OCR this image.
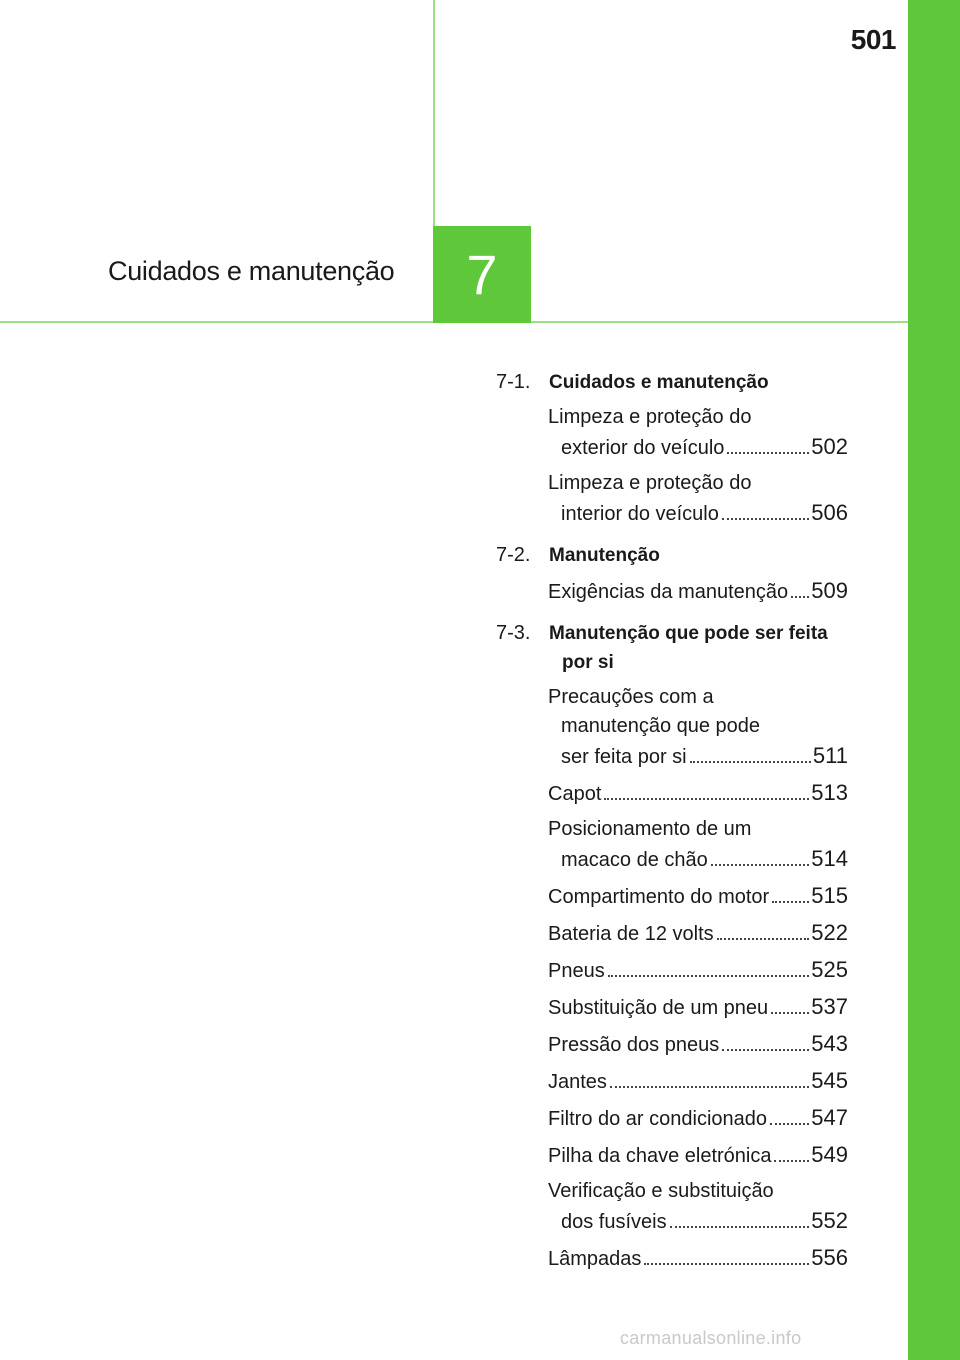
501
Cuidados e manutenção	7
7-1. Cuidados e manutenção
Limpeza e proteção do
exterior do veículo	502
Limpeza e proteção do
interior do veículo	506
7-2. Manutenção
Exigências da manutenção 509
7-3. Manutenção que pode ser feita
por si
Precauções com a
manutenção que pode
ser feita por si	511
Capot	513
Posicionamento de um
macaco de chão	514
Compartimento do motor 515
Bateria de 12 volts	522
Pneus	525
Substituição de um pneu 537
Pressão dos pneus	543
Jantes	545
Filtro do ar condicionado 547
Pilha da chave eletrónica 549
Verificação e substituição
dos fusíveis	552
Lâmpadas	556
carmanualsonline.info
